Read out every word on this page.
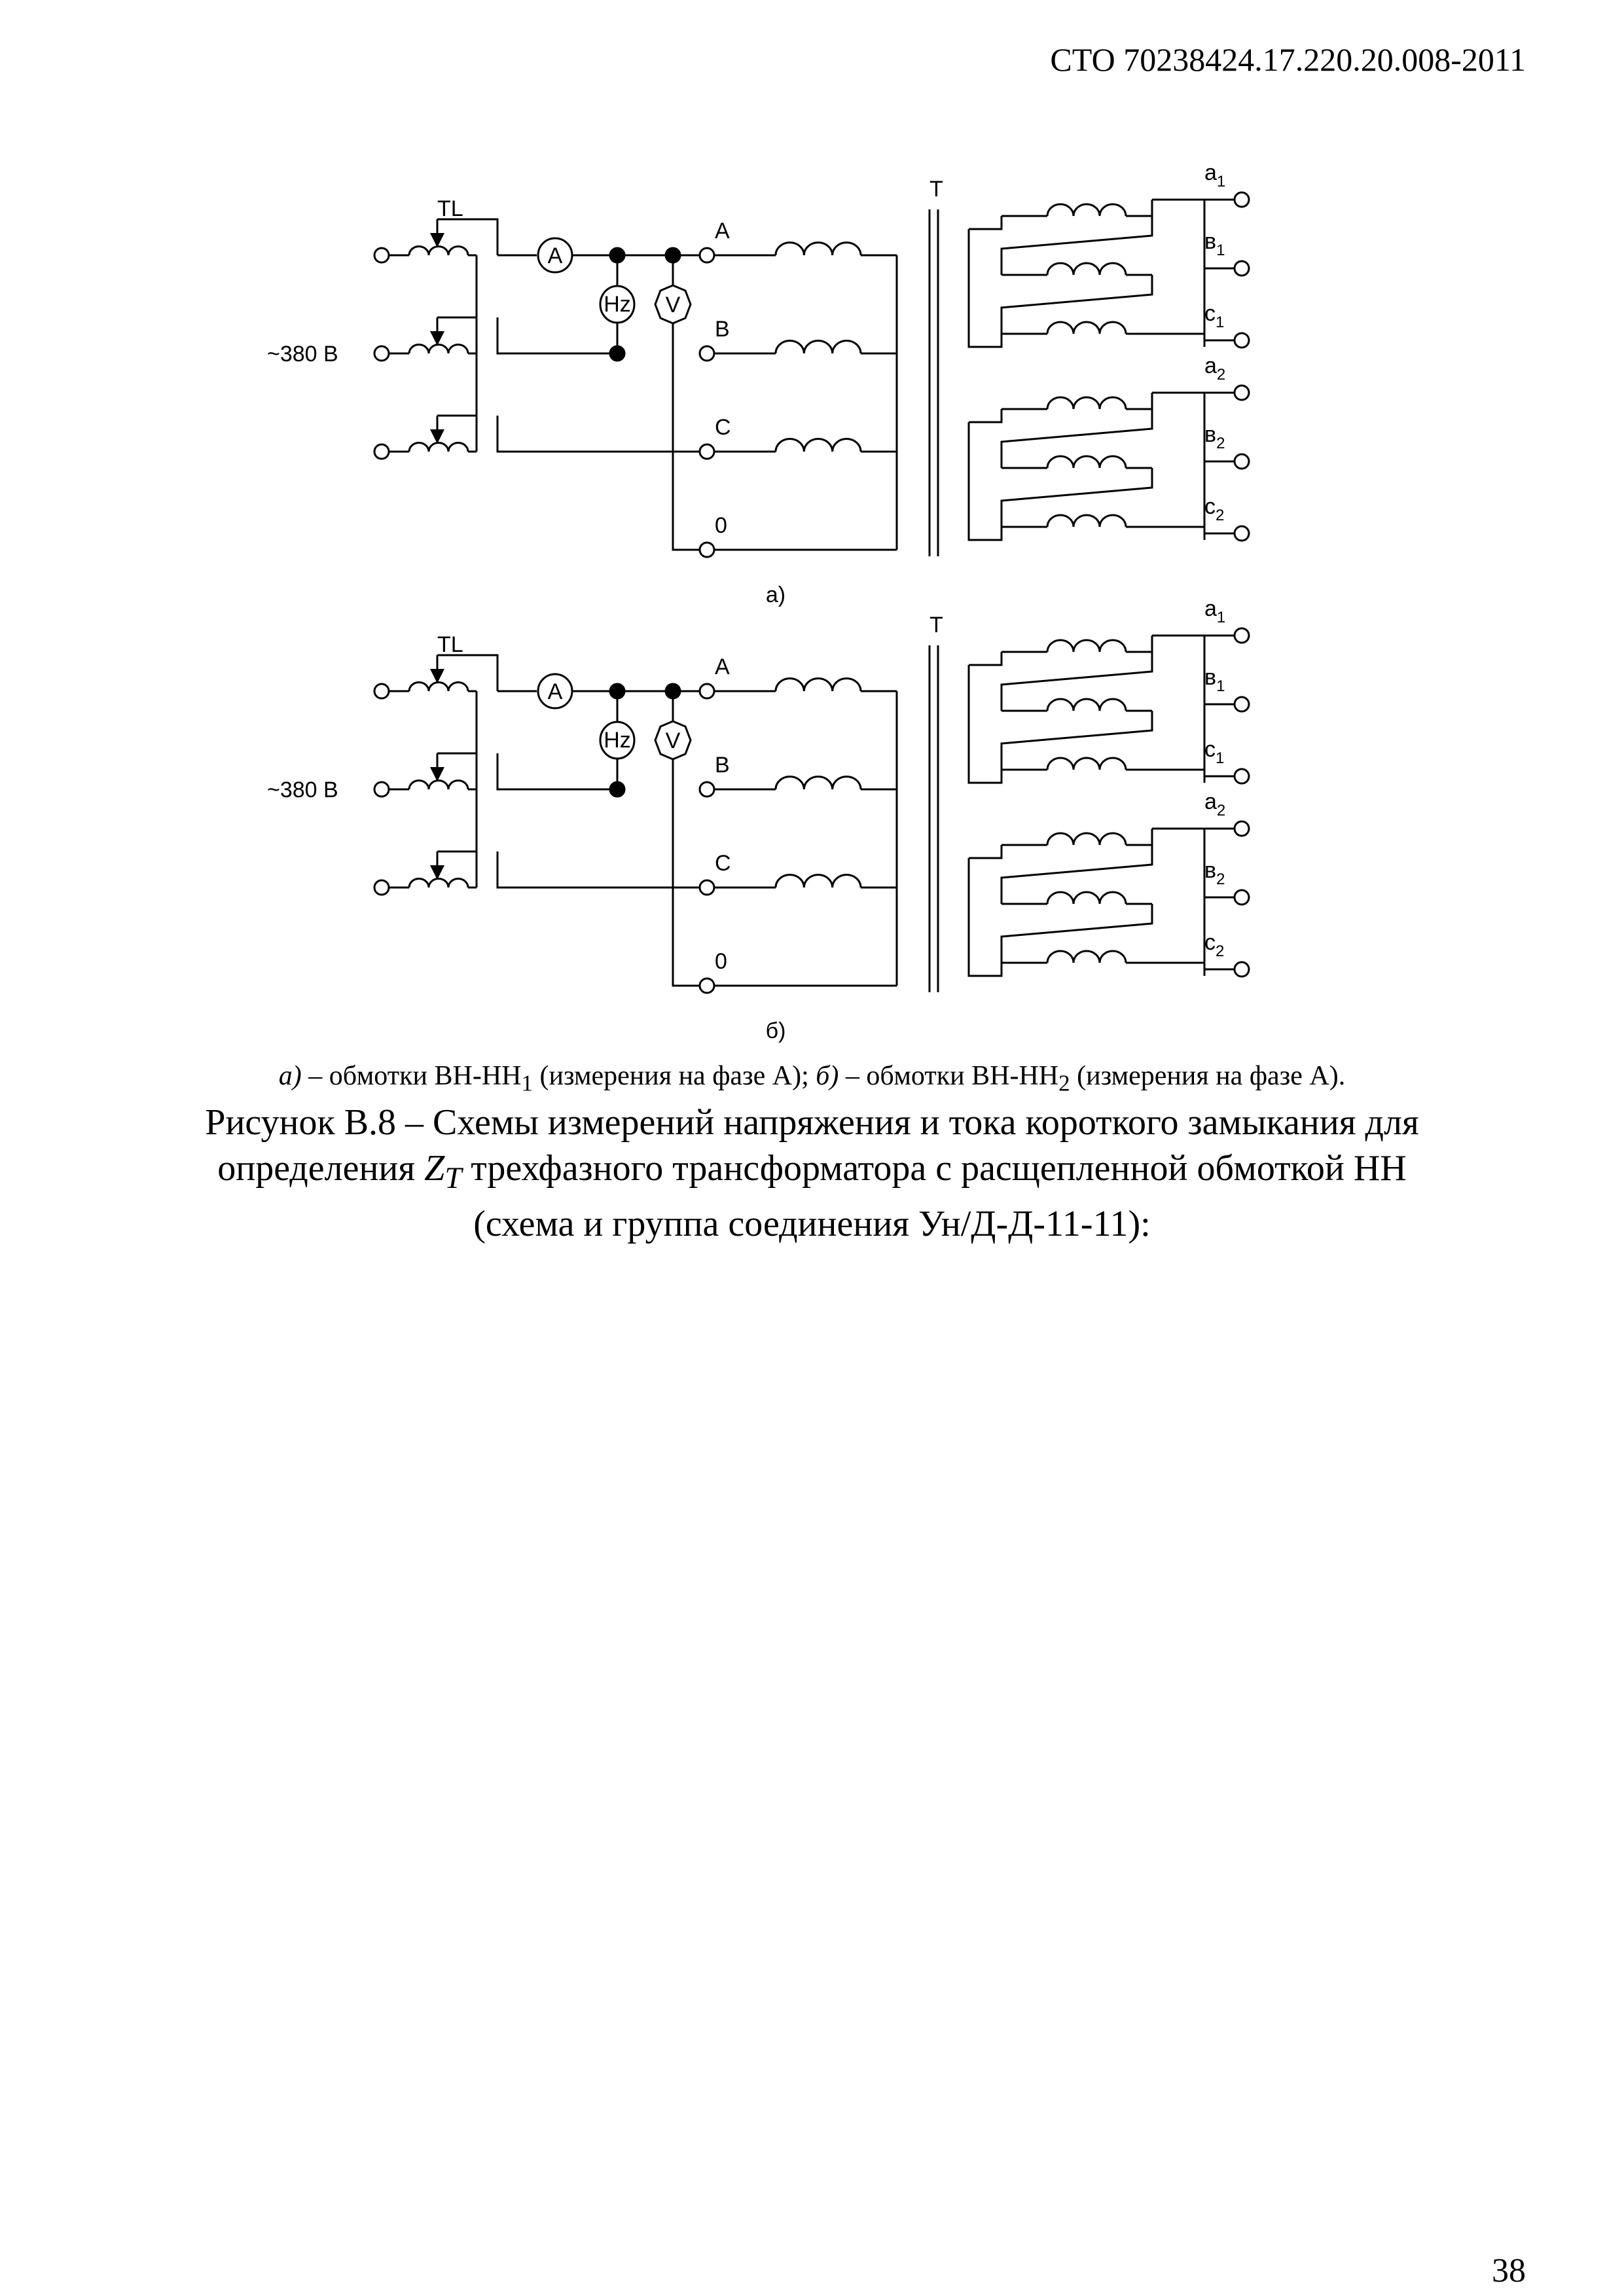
СТО 70238424.17.220.20.008-2011
~380 В
TL
A
Hz V
A
B
C
0
T
$а_1$
$в_1$
$с_1$
$а_2$
$в_2$
$с_2$
а)
~380 В
TL
A
Hz V
A
B
C
0
T
$а_1$
$в_1$
$с_1$
$а_2$
$в_2$
$с_2$
б)
а) – обмотки $ВН-НН_1$ (измерения на фазе А); б) – обмотки $ВН-НН_2$ (измерения на фазе А).
Рисунок В.8 – Схемы измерений напряжения и тока короткого замыкания для
определения $Z_T$ трехфазного трансформатора с расщепленной обмоткой НН
(схема и группа соединения Ун/Д-Д-11-11):
38
